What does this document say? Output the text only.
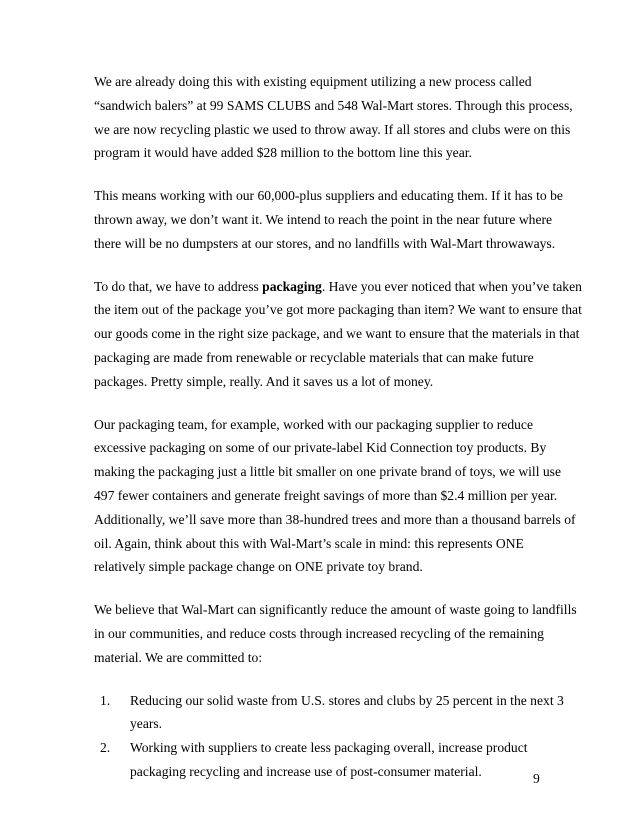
We are already doing this with existing equipment utilizing a new process called
“sandwich balers” at 99 SAMS CLUBS and 548 Wal-Mart stores. Through this process,
we are now recycling plastic we used to throw away. If all stores and clubs were on this
program it would have added $28 million to the bottom line this year.

This means working with our 60,000-plus suppliers and educating them. If it has to be
thrown away, we don’t want it. We intend to reach the point in the near future where
there will be no dumpsters at our stores, and no landfills with Wal-Mart throwaways.

To do that, we have to address packaging. Have you ever noticed that when you’ve taken
the item out of the package you’ve got more packaging than item? We want to ensure that
our goods come in the right size package, and we want to ensure that the materials in that
packaging are made from renewable or recyclable materials that can make future
packages. Pretty simple, really. And it saves us a lot of money.

Our packaging team, for example, worked with our packaging supplier to reduce
excessive packaging on some of our private-label Kid Connection toy products. By
making the packaging just a little bit smaller on one private brand of toys, we will use
497 fewer containers and generate freight savings of more than $2.4 million per year.
Additionally, we’ll save more than 38-hundred trees and more than a thousand barrels of
oil. Again, think about this with Wal-Mart’s scale in mind: this represents ONE
relatively simple package change on ONE private toy brand.

We believe that Wal-Mart can significantly reduce the amount of waste going to landfills
in our communities, and reduce costs through increased recycling of the remaining
material. We are committed to:

1. Reducing our solid waste from U.S. stores and clubs by 25 percent in the next 3
years.
2. Working with suppliers to create less packaging overall, increase product
packaging recycling and increase use of post-consumer material.	9
